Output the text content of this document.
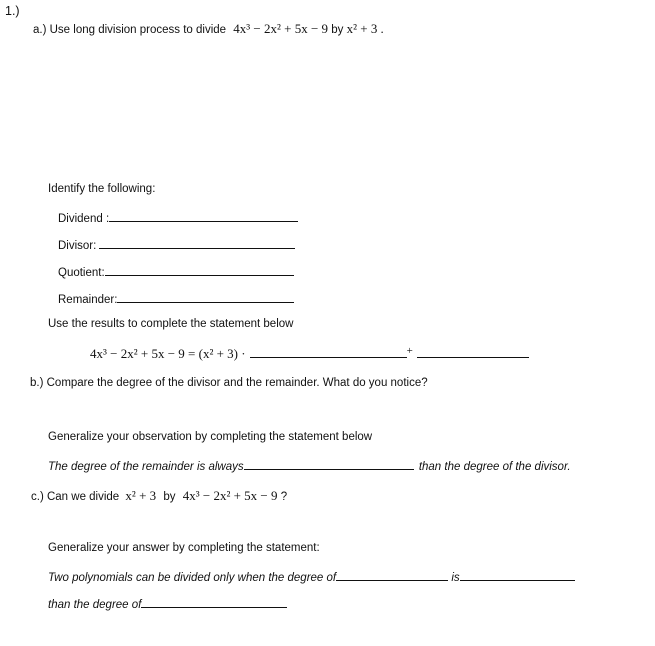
1.)
a.) Use long division process to divide 4x³ − 2x² + 5x − 9 by x² + 3 .
Identify the following:
Dividend :
Divisor:
Quotient:
Remainder:
Use the results to complete the statement below
4x³ − 2x² + 5x − 9 = (x² + 3) ·	+
b.) Compare the degree of the divisor and the remainder. What do you notice?
Generalize your observation by completing the statement below
The degree of the remainder is always	than the degree of the divisor.
c.) Can we divide x² + 3 by 4x³ − 2x² + 5x − 9 ?
Generalize your answer by completing the statement:
Two polynomials can be divided only when the degree of	is
than the degree of
